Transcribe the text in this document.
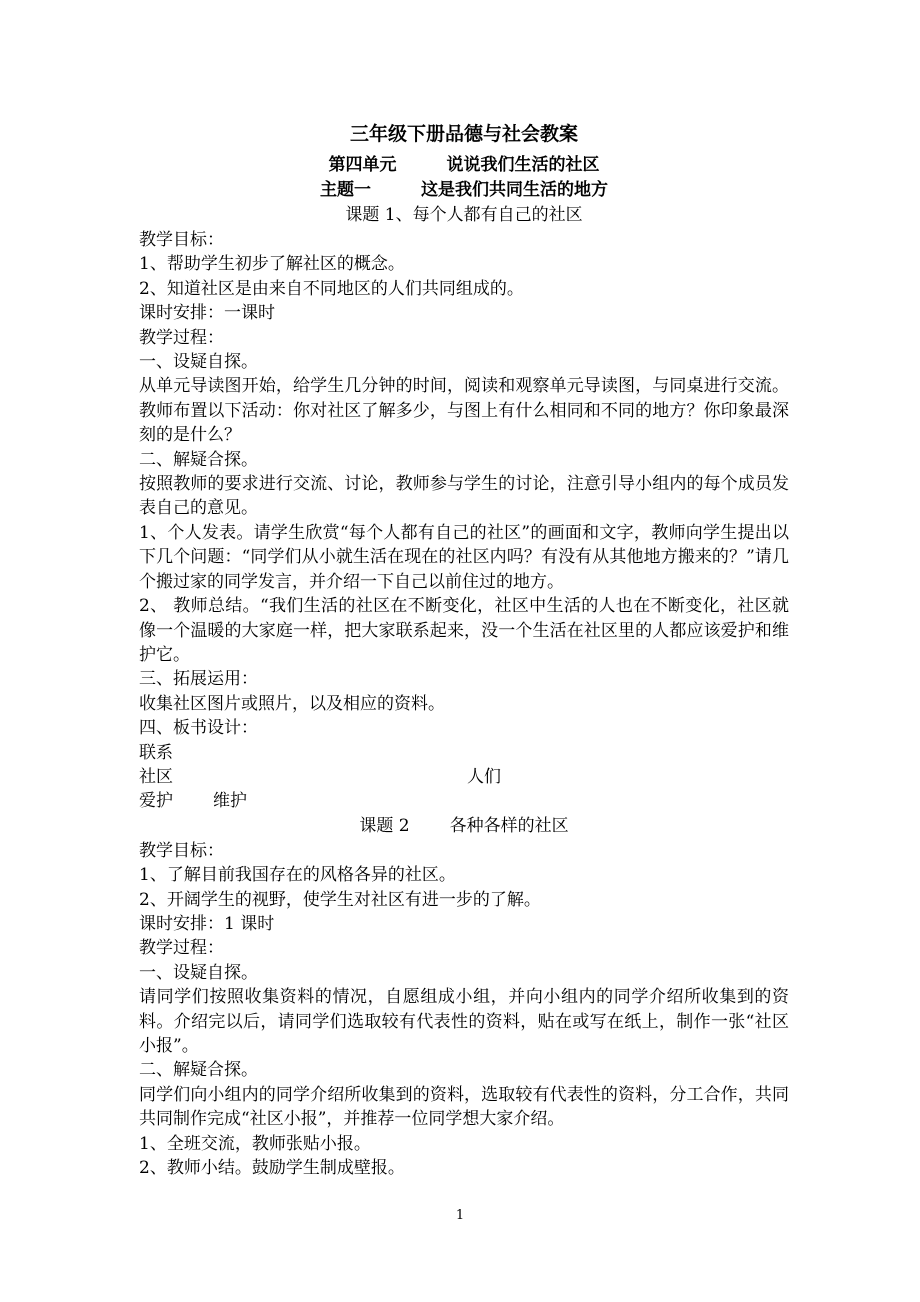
三年级下册品德与社会教案
第四单元	说说我们生活的社区
主题一	这是我们共同生活的地方
课题 1、每个人都有自己的社区

教学目标：

1、帮助学生初步了解社区的概念。

2、知道社区是由来自不同地区的人们共同组成的。

课时安排：一课时

教学过程：

一、设疑自探。

从单元导读图开始，给学生几分钟的时间，阅读和观察单元导读图，与同桌进行交流。教师布置以下活动：你对社区了解多少，与图上有什么相同和不同的地方？你印象最深刻的是什么？

二、解疑合探。

按照教师的要求进行交流、讨论，教师参与学生的讨论，注意引导小组内的每个成员发表自己的意见。

1、个人发表。请学生欣赏“每个人都有自己的社区”的画面和文字，教师向学生提出以下几个问题：“同学们从小就生活在现在的社区内吗？有没有从其他地方搬来的？”请几个搬过家的同学发言，并介绍一下自己以前住过的地方。

2、 教师总结。“我们生活的社区在不断变化，社区中生活的人也在不断变化，社区就像一个温暖的大家庭一样，把大家联系起来，没一个生活在社区里的人都应该爱护和维护它。

三、拓展运用：

收集社区图片或照片，以及相应的资料。

四、板书设计：

联系

社区	人们
爱护 维护
课题 2 各种各样的社区

教学目标：

1、了解目前我国存在的风格各异的社区。

2、开阔学生的视野，使学生对社区有进一步的了解。

课时安排：1 课时

教学过程：

一、设疑自探。

请同学们按照收集资料的情况，自愿组成小组，并向小组内的同学介绍所收集到的资料。介绍完以后，请同学们选取较有代表性的资料，贴在或写在纸上，制作一张“社区小报”。

二、解疑合探。

同学们向小组内的同学介绍所收集到的资料，选取较有代表性的资料，分工合作，共同共同制作完成“社区小报”，并推荐一位同学想大家介绍。

1、全班交流，教师张贴小报。

2、教师小结。鼓励学生制成壁报。

1
